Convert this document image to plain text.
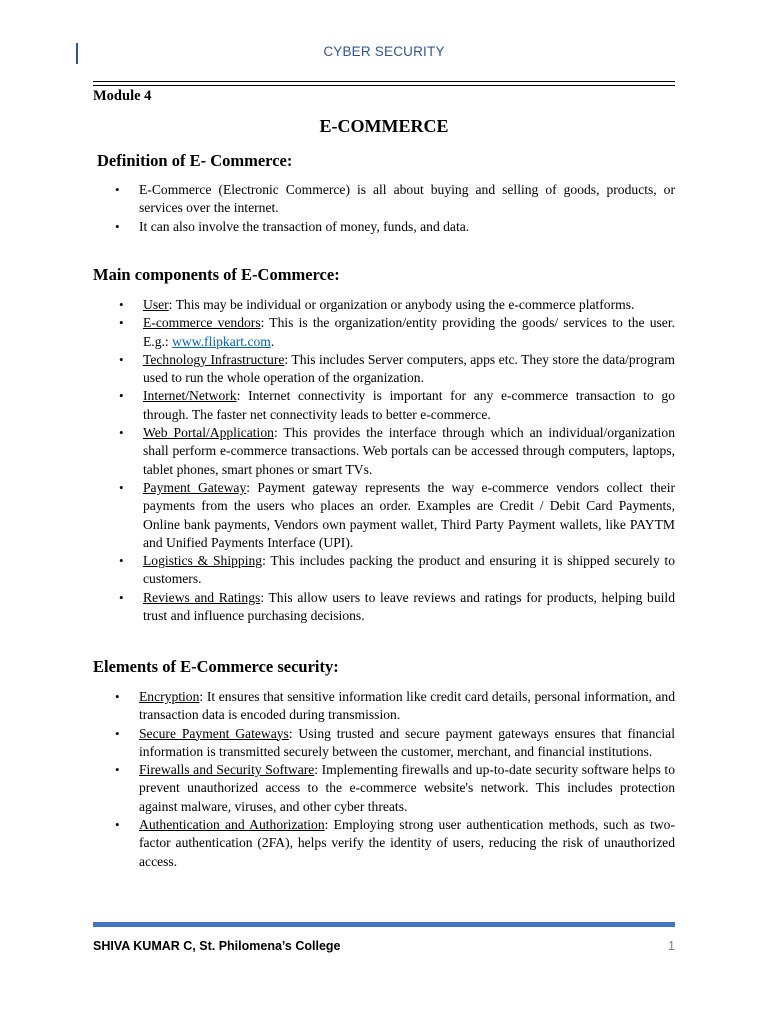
CYBER SECURITY
Module 4
E-COMMERCE
Definition of E- Commerce:
• E-Commerce (Electronic Commerce) is all about buying and selling of goods, products, or services over the internet.
• It can also involve the transaction of money, funds, and data.
Main components of E-Commerce:
• User: This may be individual or organization or anybody using the e-commerce platforms.
• E-commerce vendors: This is the organization/entity providing the goods/ services to the user. E.g.: www.flipkart.com.
• Technology Infrastructure: This includes Server computers, apps etc. They store the data/program used to run the whole operation of the organization.
• Internet/Network: Internet connectivity is important for any e-commerce transaction to go through. The faster net connectivity leads to better e-commerce.
• Web Portal/Application: This provides the interface through which an individual/organization shall perform e-commerce transactions. Web portals can be accessed through computers, laptops, tablet phones, smart phones or smart TVs.
• Payment Gateway: Payment gateway represents the way e-commerce vendors collect their payments from the users who places an order. Examples are Credit / Debit Card Payments, Online bank payments, Vendors own payment wallet, Third Party Payment wallets, like PAYTM and Unified Payments Interface (UPI).
• Logistics & Shipping: This includes packing the product and ensuring it is shipped securely to customers.
• Reviews and Ratings: This allow users to leave reviews and ratings for products, helping build trust and influence purchasing decisions.
Elements of E-Commerce security:
• Encryption: It ensures that sensitive information like credit card details, personal information, and transaction data is encoded during transmission.
• Secure Payment Gateways: Using trusted and secure payment gateways ensures that financial information is transmitted securely between the customer, merchant, and financial institutions.
• Firewalls and Security Software: Implementing firewalls and up-to-date security software helps to prevent unauthorized access to the e-commerce website's network. This includes protection against malware, viruses, and other cyber threats.
• Authentication and Authorization: Employing strong user authentication methods, such as two-factor authentication (2FA), helps verify the identity of users, reducing the risk of unauthorized access.
SHIVA KUMAR C, St. Philomena’s College	1
